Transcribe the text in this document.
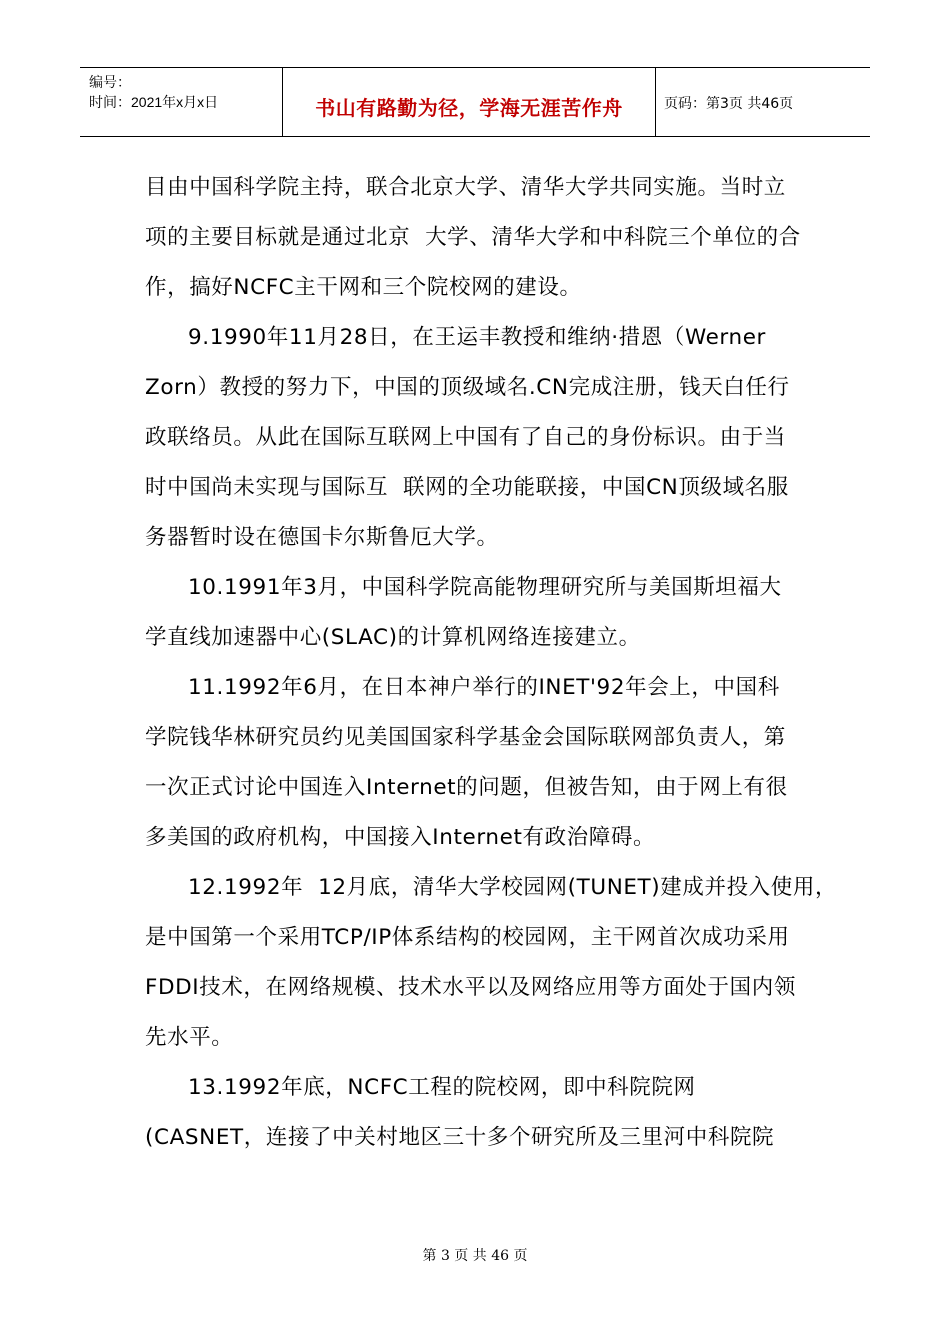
编号：
时间：2021年x月x日	书山有路勤为径，学海无涯苦作舟	页码：第3页 共46页
目由中国科学院主持，联合北京大学、清华大学共同实施。当时立
项的主要目标就是通过北京  大学、清华大学和中科院三个单位的合
作，搞好NCFC主干网和三个院校网的建设。
9.1990年11月28日，在王运丰教授和维纳·措恩（Werner
Zorn）教授的努力下，中国的顶级域名.CN完成注册，钱天白任行
政联络员。从此在国际互联网上中国有了自己的身份标识。由于当
时中国尚未实现与国际互  联网的全功能联接，中国CN顶级域名服
务器暂时设在德国卡尔斯鲁厄大学。
10.1991年3月，中国科学院高能物理研究所与美国斯坦福大
学直线加速器中心(SLAC)的计算机网络连接建立。
11.1992年6月，在日本神户举行的INET'92年会上，中国科
学院钱华林研究员约见美国国家科学基金会国际联网部负责人，第
一次正式讨论中国连入Internet的问题，但被告知，由于网上有很
多美国的政府机构，中国接入Internet有政治障碍。
12.1992年  12月底，清华大学校园网(TUNET)建成并投入使用，
是中国第一个采用TCP/IP体系结构的校园网，主干网首次成功采用
FDDI技术，在网络规模、技术水平以及网络应用等方面处于国内领
先水平。
13.1992年底，NCFC工程的院校网，即中科院院网
(CASNET，连接了中关村地区三十多个研究所及三里河中科院院
第 3 页 共 46 页
